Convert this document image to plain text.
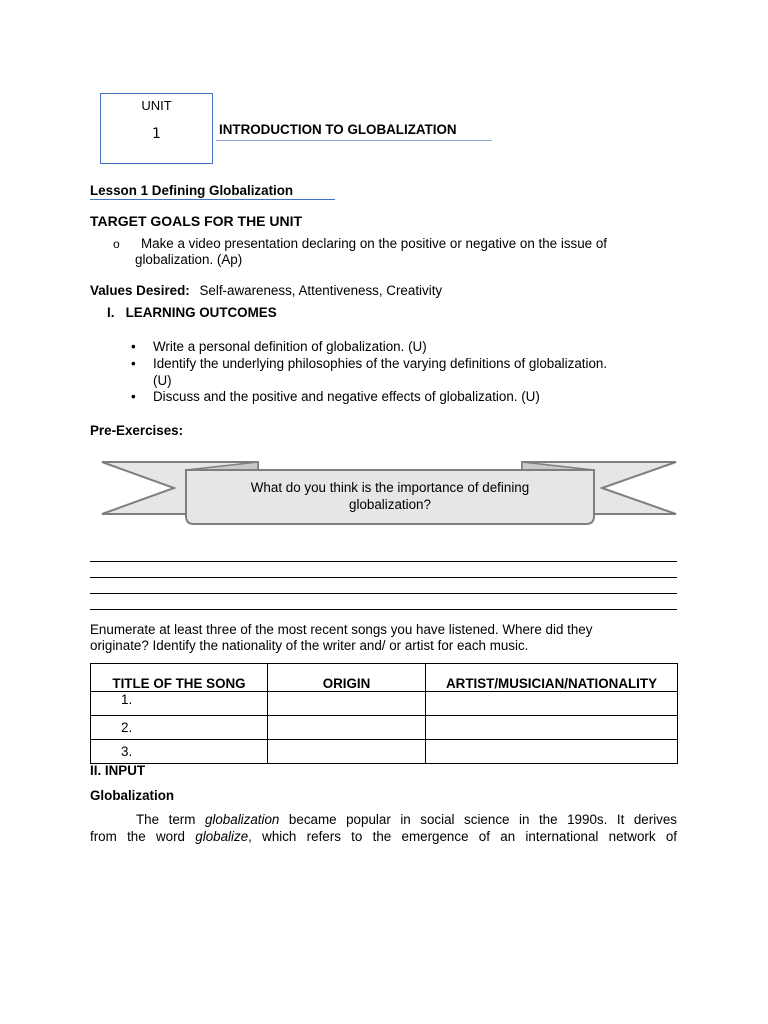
UNIT
1	INTRODUCTION TO GLOBALIZATION
Lesson 1 Defining Globalization
TARGET GOALS FOR THE UNIT
o Make a video presentation declaring on the positive or negative on the issue of
globalization. (Ap)
Values Desired: Self-awareness, Attentiveness, Creativity
I.   LEARNING OUTCOMES
• Write a personal definition of globalization. (U)
• Identify the underlying philosophies of the varying definitions of globalization.
(U)
• Discuss and the positive and negative effects of globalization. (U)
Pre-Exercises:
What do you think is the importance of defining
globalization?
Enumerate at least three of the most recent songs you have listened. Where did they
originate? Identify the nationality of the writer and/ or artist for each music.
TITLE OF THE SONG	ORIGIN	ARTIST/MUSICIAN/NATIONALITY
1.		
2.		
3.		
II. INPUT
Globalization
The term globalization became popular in social science in the 1990s. It derives
from the word globalize, which refers to the emergence of an international network of
